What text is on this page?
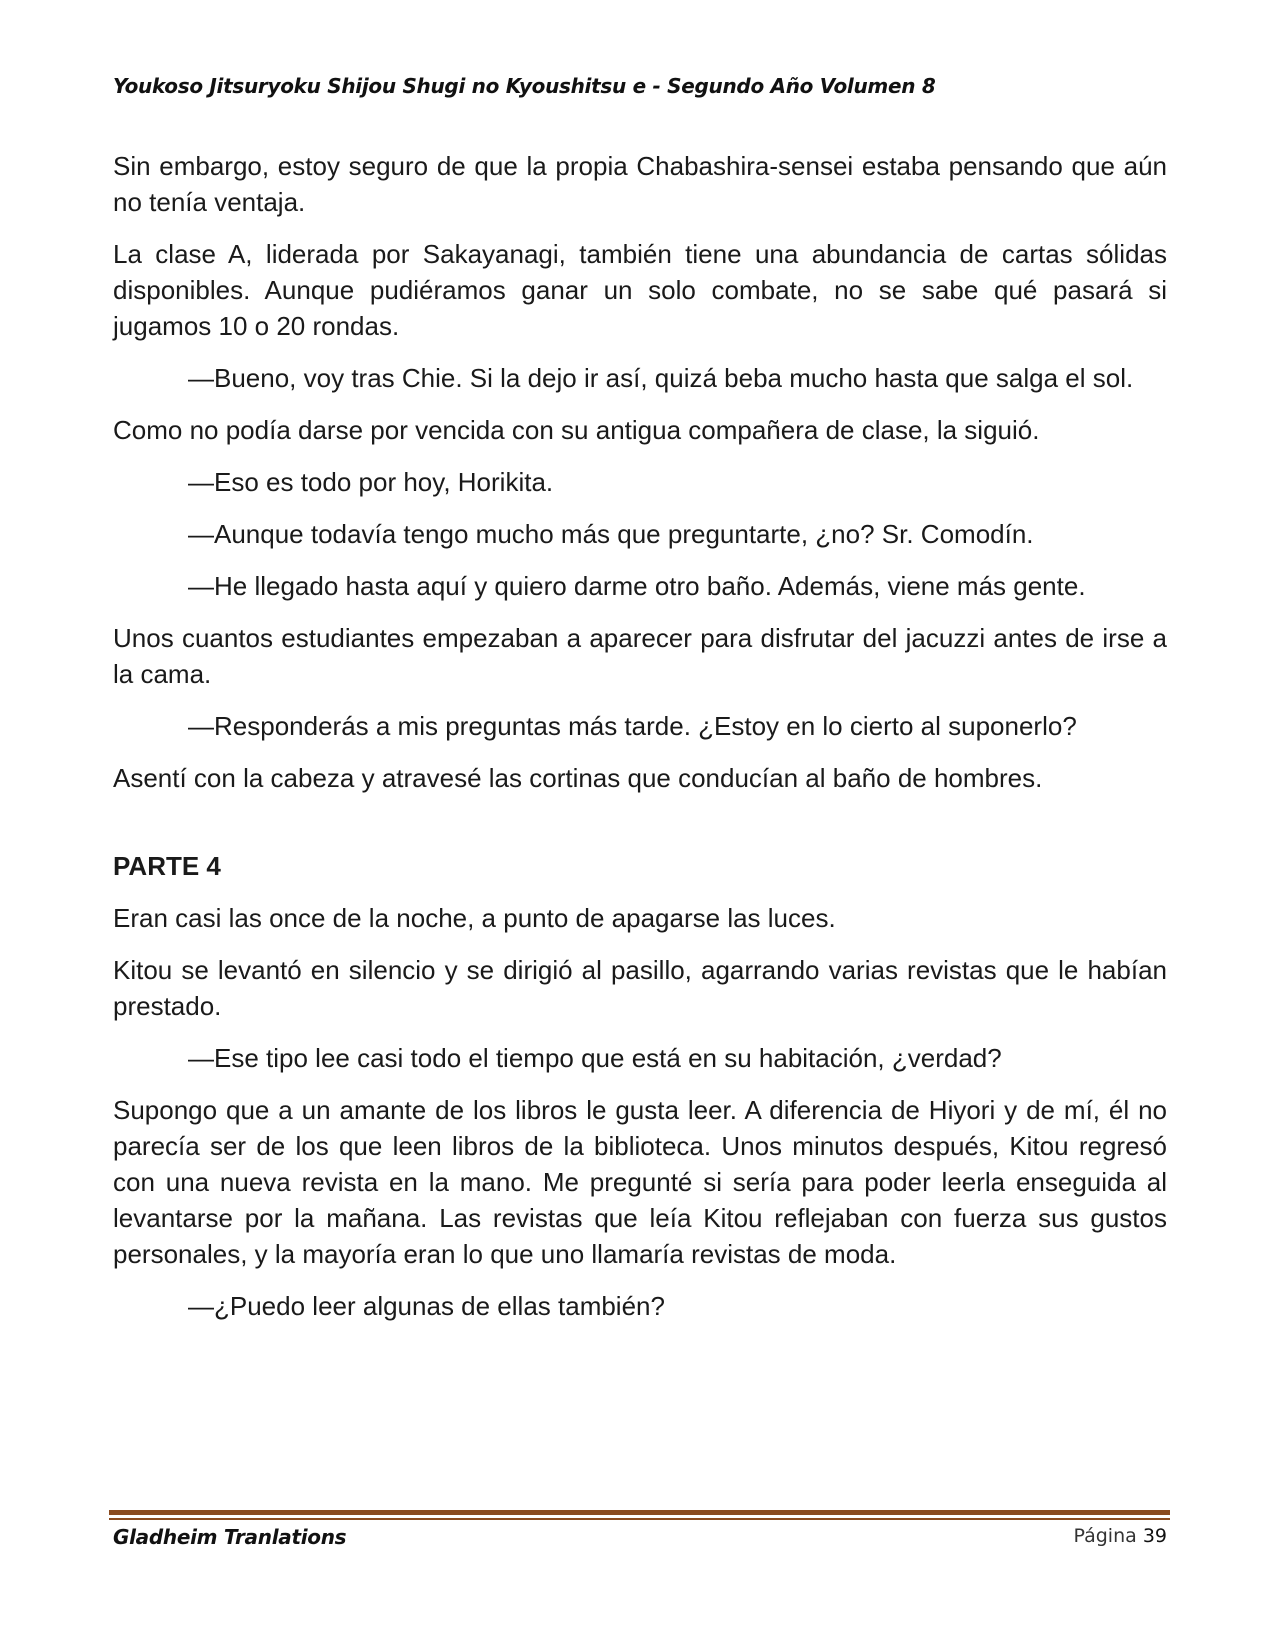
Youkoso Jitsuryoku Shijou Shugi no Kyoushitsu e - Segundo Año Volumen 8

Sin embargo, estoy seguro de que la propia Chabashira-sensei estaba pensando que aún no tenía ventaja.

La clase A, liderada por Sakayanagi, también tiene una abundancia de cartas sólidas disponibles. Aunque pudiéramos ganar un solo combate, no se sabe qué pasará si jugamos 10 o 20 rondas.

—Bueno, voy tras Chie. Si la dejo ir así, quizá beba mucho hasta que salga el sol.

Como no podía darse por vencida con su antigua compañera de clase, la siguió.

—Eso es todo por hoy, Horikita.

—Aunque todavía tengo mucho más que preguntarte, ¿no? Sr. Comodín.

—He llegado hasta aquí y quiero darme otro baño. Además, viene más gente.

Unos cuantos estudiantes empezaban a aparecer para disfrutar del jacuzzi antes de irse a la cama.

—Responderás a mis preguntas más tarde. ¿Estoy en lo cierto al suponerlo?

Asentí con la cabeza y atravesé las cortinas que conducían al baño de hombres.

PARTE 4

Eran casi las once de la noche, a punto de apagarse las luces.

Kitou se levantó en silencio y se dirigió al pasillo, agarrando varias revistas que le habían prestado.

—Ese tipo lee casi todo el tiempo que está en su habitación, ¿verdad?

Supongo que a un amante de los libros le gusta leer. A diferencia de Hiyori y de mí, él no parecía ser de los que leen libros de la biblioteca. Unos minutos después, Kitou regresó con una nueva revista en la mano. Me pregunté si sería para poder leerla enseguida al levantarse por la mañana. Las revistas que leía Kitou reflejaban con fuerza sus gustos personales, y la mayoría eran lo que uno llamaría revistas de moda.

—¿Puedo leer algunas de ellas también?

Gladheim Tranlations	Página 39
